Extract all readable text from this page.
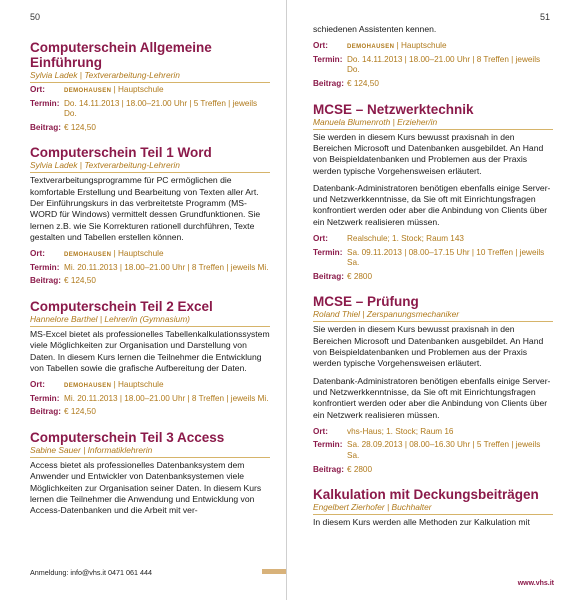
50
Computerschein Allgemeine Einführung
Sylvia Ladek | Textverarbeitung-Lehrerin
Ort:	demohausen | Hauptschule
Termin: Do. 14.11.2013 | 18.00–21.00 Uhr | 5 Treffen | jeweils Do.
Beitrag: € 124,50
Computerschein Teil 1 Word
Sylvia Ladek | Textverarbeitung-Lehrerin

Textverarbeitungsprogramme für PC ermöglichen die komfortable Erstellung und Bearbeitung von Texten aller Art. Der Einführungskurs in das verbreitetste Programm (MS-WORD für Windows) vermittelt dessen Grundfunktionen. Sie lernen z.B. wie Sie Korrekturen rationell durchführen, Texte gestalten und Tabellen erstellen können.

Ort:	demohausen | Hauptschule
Termin: Mi. 20.11.2013 | 18.00–21.00 Uhr | 8 Treffen | jeweils Mi.
Beitrag: € 124,50
Computerschein Teil 2 Excel
Hannelore Barthel | Lehrer/in (Gymnasium)

MS-Excel bietet als professionelles Tabellenkalkulationssystem viele Möglichkeiten zur Organisation und Darstellung von Daten. In diesem Kurs lernen die Teilnehmer die Entwicklung von Tabellen sowie die grafische Aufbereitung der Daten.

Ort:	demohausen | Hauptschule
Termin: Mi. 20.11.2013 | 18.00–21.00 Uhr | 8 Treffen | jeweils Mi.
Beitrag: € 124,50
Computerschein Teil 3 Access
Sabine Sauer | Informatiklehrerin

Access bietet als professionelles Datenbanksystem dem Anwender und Entwickler von Datenbanksystemen viele Möglichkeiten zur Organisation seiner Daten. In diesem Kurs lernen die Teilnehmer die Anwendung und Entwicklung von Access-Datenbanken und die Arbeit mit ver-

Anmeldung: info@vhs.it 0471 061 444
51

schiedenen Assistenten kennen.

Ort:	demohausen | Hauptschule
Termin: Do. 14.11.2013 | 18.00–21.00 Uhr | 8 Treffen | jeweils Do.
Beitrag: € 124,50
MCSE – Netzwerktechnik
Manuela Blumenroth | Erzieher/in

Sie werden in diesem Kurs bewusst praxisnah in den Bereichen Microsoft und Datenbanken ausgebildet. An Hand von Beispieldatenbanken und Problemen aus der Praxis werden typische Vorgehensweisen erläutert.

Datenbank-Administratoren benötigen ebenfalls einige Server- und Netzwerkkenntnisse, da Sie oft mit Einrichtungsfragen konfrontiert werden oder aber die Anbindung von Clients über ein Netzwerk realisieren müssen.

Ort:	Realschule; 1. Stock; Raum 143
Termin: Sa. 09.11.2013 | 08.00–17.15 Uhr | 10 Treffen | jeweils Sa.
Beitrag: € 2800
MCSE – Prüfung
Roland Thiel | Zerspanungsmechaniker

Sie werden in diesem Kurs bewusst praxisnah in den Bereichen Microsoft und Datenbanken ausgebildet. An Hand von Beispieldatenbanken und Problemen aus der Praxis werden typische Vorgehensweisen erläutert.

Datenbank-Administratoren benötigen ebenfalls einige Server- und Netzwerkkenntnisse, da Sie oft mit Einrichtungsfragen konfrontiert werden oder aber die Anbindung von Clients über ein Netzwerk realisieren müssen.

Ort:	vhs-Haus; 1. Stock; Raum 16
Termin: Sa. 28.09.2013 | 08.00–16.30 Uhr | 5 Treffen | jeweils Sa.
Beitrag: € 2800
Kalkulation mit Deckungsbeiträgen
Engelbert Zierhofer | Buchhalter

In diesem Kurs werden alle Methoden zur Kalkulation mit

www.vhs.it
